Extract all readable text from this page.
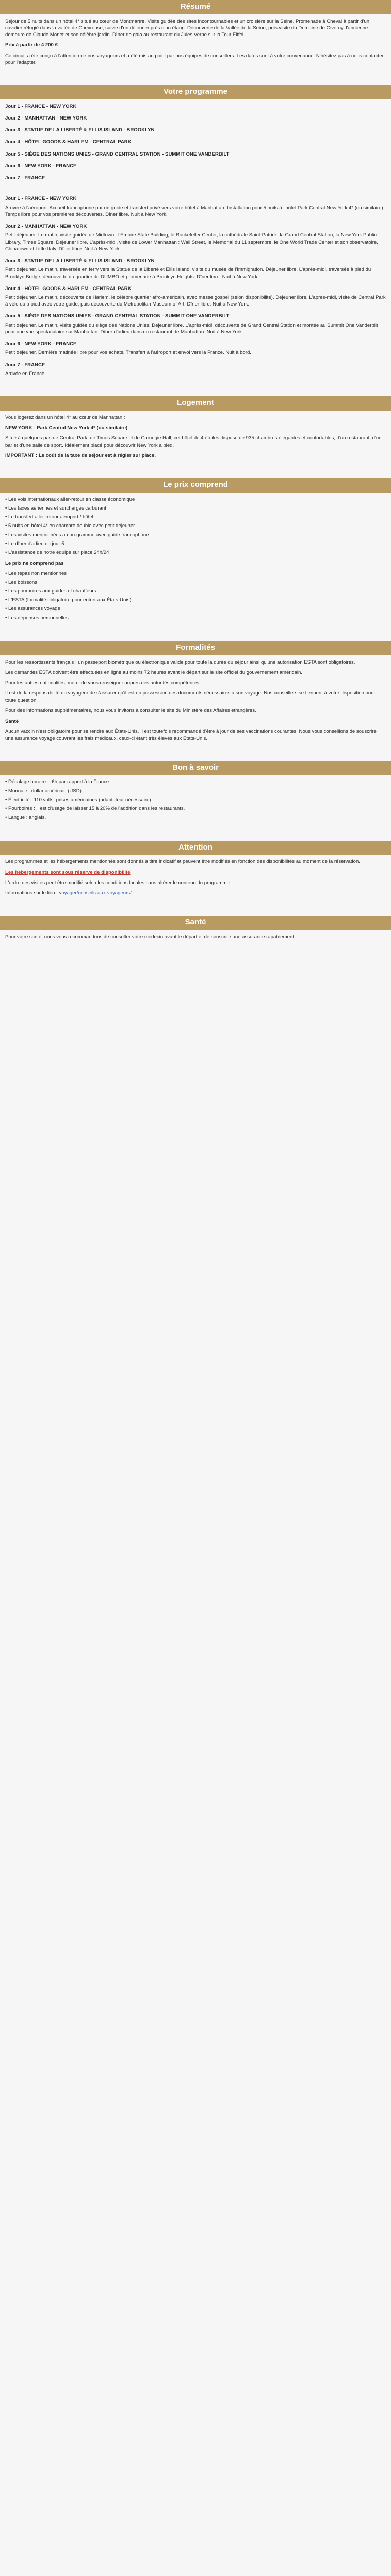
Résumé

Séjour de 5 nuits dans un hôtel 4* situé au cœur de Montmartre. Visite guidée des sites incontournables et un croisière sur la Seine. Promenade à Cheval à partir d'un cavalier réfugié dans la vallée de Chevreuse, suivie d'un déjeuner près d'un étang. Découverte de la Vallée de la Seine, puis visite du Domaine de Giverny, l'ancienne demeure de Claude Monet et son célèbre jardin. Dîner de gala au restaurant du Jules Verne sur la Tour Eiffel.

Prix à partir de 4 200 €

Ce circuit a été conçu à l'attention de nos voyageurs et a été mis au point par nos équipes de conseillers. Les dates sont à votre convenance. N'hésitez pas à nous contacter pour l'adapter.

Votre programme
Jour 1 - FRANCE - NEW YORK
Jour 2 - MANHATTAN - NEW YORK
Jour 3 - STATUE DE LA LIBERTÉ & ELLIS ISLAND - BROOKLYN
Jour 4 - HÔTEL GOODS & HARLEM - CENTRAL PARK
Jour 5 - SIÈGE DES NATIONS UNIES - GRAND CENTRAL STATION - SUMMIT ONE VANDERBILT
Jour 6 - NEW YORK - FRANCE
Jour 7 - FRANCE
Jour 1 - FRANCE - NEW YORK

Arrivée à l'aéroport. Accueil francophone par un guide et transfert privé vers votre hôtel à Manhattan. Installation pour 5 nuits à l'hôtel Park Central New York 4* (ou similaire). Temps libre pour vos premières découvertes. Dîner libre. Nuit à New York.

Jour 2 - MANHATTAN - NEW YORK

Petit déjeuner. Le matin, visite guidée de Midtown : l'Empire State Building, le Rockefeller Center, la cathédrale Saint-Patrick, la Grand Central Station, la New York Public Library, Times Square. Déjeuner libre. L'après-midi, visite de Lower Manhattan : Wall Street, le Memorial du 11 septembre, le One World Trade Center et son observatoire, Chinatown et Little Italy. Dîner libre. Nuit à New York.

Jour 3 - STATUE DE LA LIBERTÉ & ELLIS ISLAND - BROOKLYN

Petit déjeuner. Le matin, traversée en ferry vers la Statue de la Liberté et Ellis Island, visite du musée de l'Immigration. Déjeuner libre. L'après-midi, traversée à pied du Brooklyn Bridge, découverte du quartier de DUMBO et promenade à Brooklyn Heights. Dîner libre. Nuit à New York.

Jour 4 - HÔTEL GOODS & HARLEM - CENTRAL PARK

Petit déjeuner. Le matin, découverte de Harlem, le célèbre quartier afro-américain, avec messe gospel (selon disponibilité). Déjeuner libre. L'après-midi, visite de Central Park à vélo ou à pied avec votre guide, puis découverte du Metropolitan Museum of Art. Dîner libre. Nuit à New York.

Jour 5 - SIÈGE DES NATIONS UNIES - GRAND CENTRAL STATION - SUMMIT ONE VANDERBILT

Petit déjeuner. Le matin, visite guidée du siège des Nations Unies. Déjeuner libre. L'après-midi, découverte de Grand Central Station et montée au Summit One Vanderbilt pour une vue spectaculaire sur Manhattan. Dîner d'adieu dans un restaurant de Manhattan. Nuit à New York.

Jour 6 - NEW YORK - FRANCE

Petit déjeuner. Dernière matinée libre pour vos achats. Transfert à l'aéroport et envol vers la France. Nuit à bord.

Jour 7 - FRANCE

Arrivée en France.

Logement

Vous logerez dans un hôtel 4* au cœur de Manhattan :

NEW YORK - Park Central New York 4* (ou similaire)

Situé à quelques pas de Central Park, de Times Square et de Carnegie Hall, cet hôtel de 4 étoiles dispose de 935 chambres élégantes et confortables, d'un restaurant, d'un bar et d'une salle de sport. Idéalement placé pour découvrir New York à pied.

IMPORTANT : Le coût de la taxe de séjour est à régler sur place.

Le prix comprend
• Les vols internationaux aller-retour en classe économique
• Les taxes aériennes et surcharges carburant
• Le transfert aller-retour aéroport / hôtel
• 5 nuits en hôtel 4* en chambre double avec petit déjeuner
• Les visites mentionnées au programme avec guide francophone
• Le dîner d'adieu du jour 5
• L'assistance de notre équipe sur place 24h/24
Le prix ne comprend pas
• Les repas non mentionnés
• Les boissons
• Les pourboires aux guides et chauffeurs
• L'ESTA (formalité obligatoire pour entrer aux États-Unis)
• Les assurances voyage
• Les dépenses personnelles
Formalités

Pour les ressortissants français : un passeport biométrique ou électronique valide pour toute la durée du séjour ainsi qu'une autorisation ESTA sont obligatoires.

Les demandes ESTA doivent être effectuées en ligne au moins 72 heures avant le départ sur le site officiel du gouvernement américain.

Pour les autres nationalités, merci de vous renseigner auprès des autorités compétentes.

Il est de la responsabilité du voyageur de s'assurer qu'il est en possession des documents nécessaires à son voyage. Nos conseillers se tiennent à votre disposition pour toute question.

Pour des informations supplémentaires, nous vous invitons à consulter le site du Ministère des Affaires étrangères.

Santé

Aucun vaccin n'est obligatoire pour se rendre aux États-Unis. Il est toutefois recommandé d'être à jour de ses vaccinations courantes. Nous vous conseillons de souscrire une assurance voyage couvrant les frais médicaux, ceux-ci étant très élevés aux États-Unis.

Bon à savoir
• Décalage horaire : -6h par rapport à la France.
• Monnaie : dollar américain (USD).
• Électricité : 110 volts, prises américaines (adaptateur nécessaire).
• Pourboires : il est d'usage de laisser 15 à 20% de l'addition dans les restaurants.
• Langue : anglais.
Attention

Les programmes et les hébergements mentionnés sont donnés à titre indicatif et peuvent être modifiés en fonction des disponibilités au moment de la réservation.

Les hébergements sont sous réserve de disponibilité

L'ordre des visites peut être modifié selon les conditions locales sans altérer le contenu du programme.

Informations sur le lien : voyager/conseils-aux-voyageurs/

Santé

Pour votre santé, nous vous recommandons de consulter votre médecin avant le départ et de souscrire une assurance rapatriement.
